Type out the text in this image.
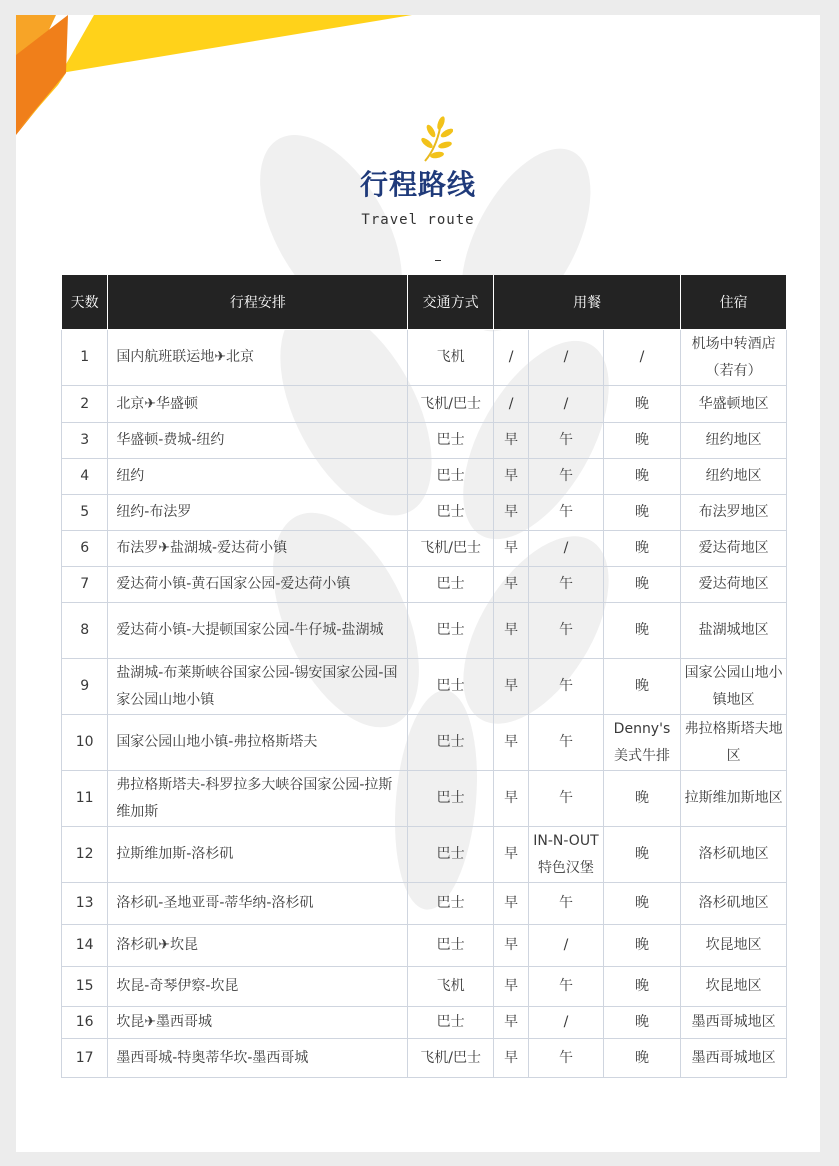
行程路线
Travel route
天数	行程安排	交通方式	用餐			住宿
1	国内航班联运地✈北京	飞机	/	/	/	机场中转酒店（若有）
2	北京✈华盛顿	飞机/巴士	/	/	晚	华盛顿地区
3	华盛顿-费城-纽约	巴士	早	午	晚	纽约地区
4	纽约	巴士	早	午	晚	纽约地区
5	纽约-布法罗	巴士	早	午	晚	布法罗地区
6	布法罗✈盐湖城-爱达荷小镇	飞机/巴士	早	/	晚	爱达荷地区
7	爱达荷小镇-黄石国家公园-爱达荷小镇	巴士	早	午	晚	爱达荷地区
8	爱达荷小镇-大提顿国家公园-牛仔城-盐湖城	巴士	早	午	晚	盐湖城地区
9	盐湖城-布莱斯峡谷国家公园-锡安国家公园-国家公园山地小镇	巴士	早	午	晚	国家公园山地小镇地区
10	国家公园山地小镇-弗拉格斯塔夫	巴士	早	午	Denny's 美式牛排	弗拉格斯塔夫地区
11	弗拉格斯塔夫-科罗拉多大峡谷国家公园-拉斯维加斯	巴士	早	午	晚	拉斯维加斯地区
12	拉斯维加斯-洛杉矶	巴士	早	IN-N-OUT 特色汉堡	晚	洛杉矶地区
13	洛杉矶-圣地亚哥-蒂华纳-洛杉矶	巴士	早	午	晚	洛杉矶地区
14	洛杉矶✈坎昆	巴士	早	/	晚	坎昆地区
15	坎昆-奇琴伊察-坎昆	飞机	早	午	晚	坎昆地区
16	坎昆✈墨西哥城	巴士	早	/	晚	墨西哥城地区
17	墨西哥城-特奥蒂华坎-墨西哥城	飞机/巴士	早	午	晚	墨西哥城地区
